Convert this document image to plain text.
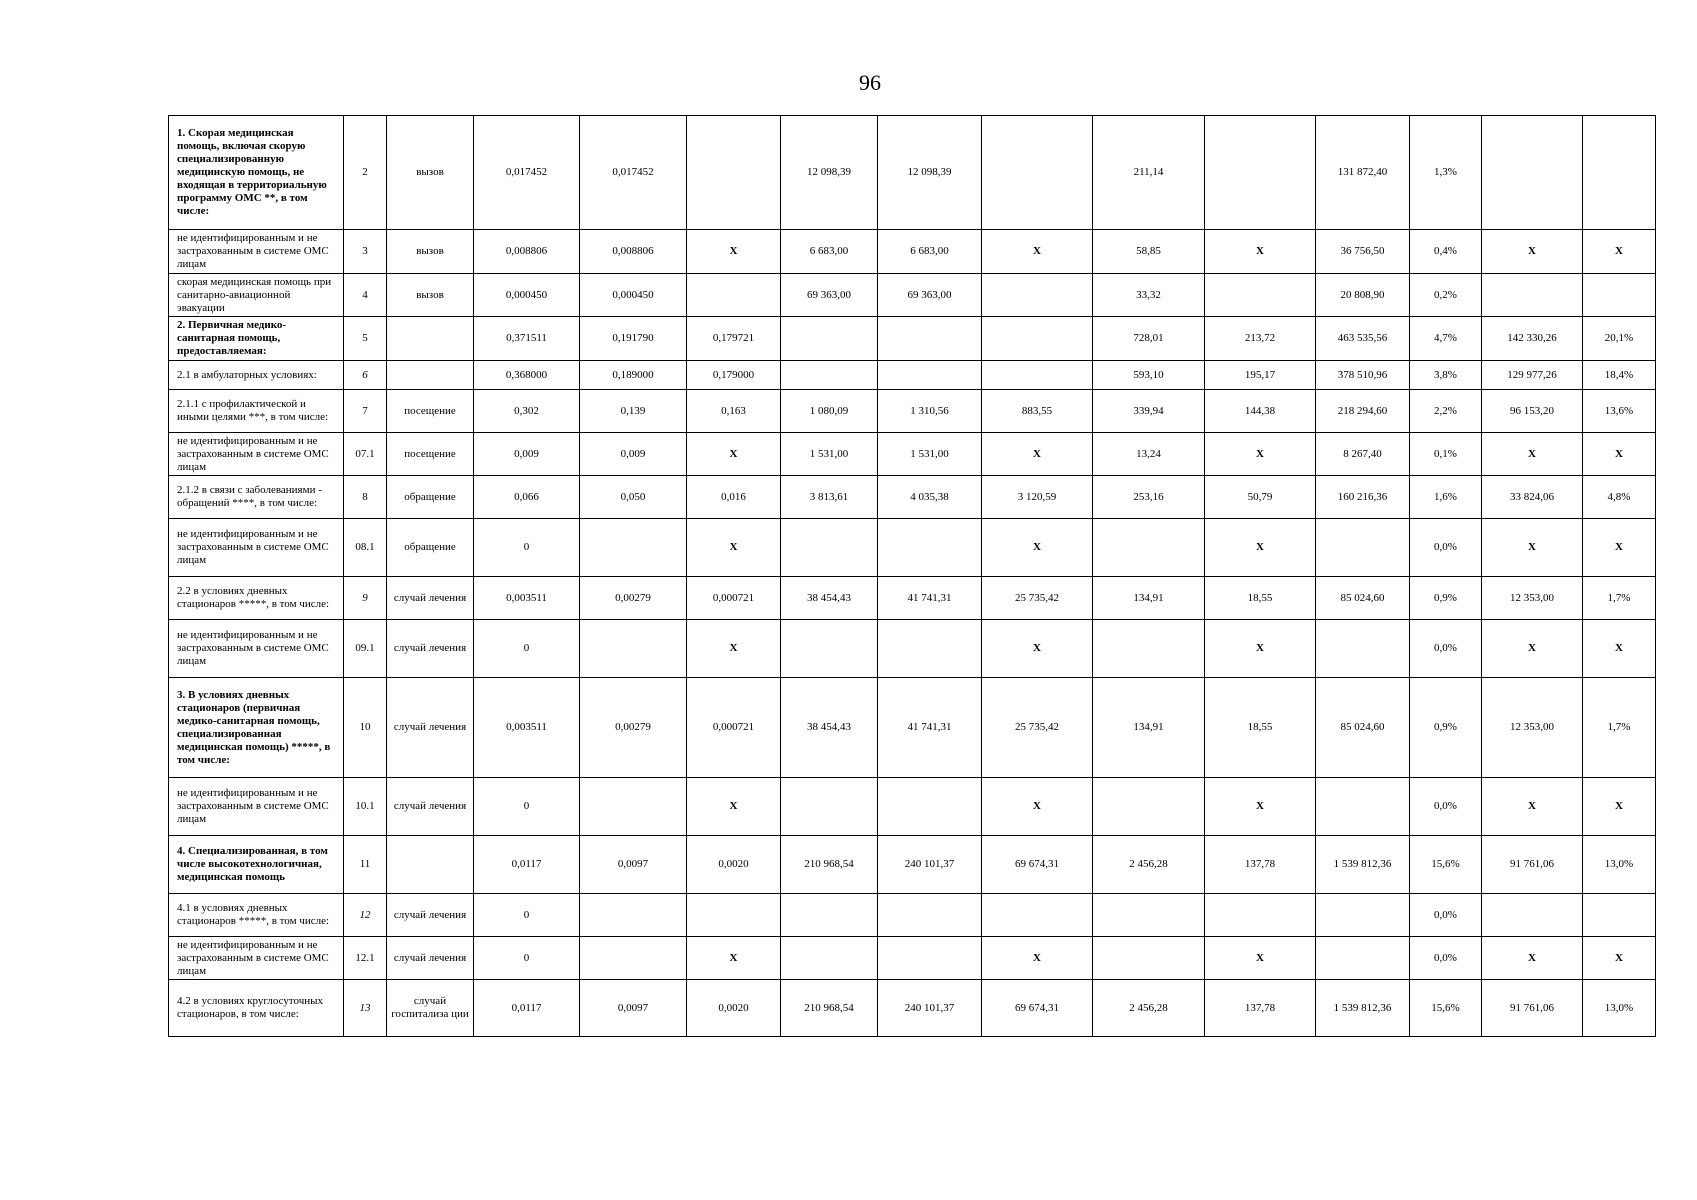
96
1. Скорая медицинская помощь, включая скорую специализированную медицинскую помощь, не входящая в территориальную программу ОМС **, в том числе:	2	вызов	0,017452	0,017452		12 098,39	12 098,39		211,14		131 872,40	1,3%		
не идентифицированным и не застрахованным в системе ОМС лицам	3	вызов	0,008806	0,008806	X	6 683,00	6 683,00	X	58,85	X	36 756,50	0,4%	X	X
скорая медицинская помощь при санитарно-авиационной эвакуации	4	вызов	0,000450	0,000450		69 363,00	69 363,00		33,32		20 808,90	0,2%		
2. Первичная медико-санитарная помощь, предоставляемая:	5		0,371511	0,191790	0,179721				728,01	213,72	463 535,56	4,7%	142 330,26	20,1%
2.1 в амбулаторных условиях:	6		0,368000	0,189000	0,179000				593,10	195,17	378 510,96	3,8%	129 977,26	18,4%
2.1.1 с профилактической и иными целями ***, в том числе:	7	посещение	0,302	0,139	0,163	1 080,09	1 310,56	883,55	339,94	144,38	218 294,60	2,2%	96 153,20	13,6%
не идентифицированным и не застрахованным в системе ОМС лицам	07.1	посещение	0,009	0,009	X	1 531,00	1 531,00	X	13,24	X	8 267,40	0,1%	X	X
2.1.2 в связи с заболеваниями - обращений ****, в том числе:	8	обращение	0,066	0,050	0,016	3 813,61	4 035,38	3 120,59	253,16	50,79	160 216,36	1,6%	33 824,06	4,8%
не идентифицированным и не застрахованным в системе ОМС лицам	08.1	обращение	0		X			X		X		0,0%	X	X
2.2 в условиях дневных стационаров *****, в том числе:	9	случай лечения	0,003511	0,00279	0,000721	38 454,43	41 741,31	25 735,42	134,91	18,55	85 024,60	0,9%	12 353,00	1,7%
не идентифицированным и не застрахованным в системе ОМС лицам	09.1	случай лечения	0		X			X		X		0,0%	X	X
3. В условиях дневных стационаров (первичная медико-санитарная помощь, специализированная медицинская помощь) *****, в том числе:	10	случай лечения	0,003511	0,00279	0,000721	38 454,43	41 741,31	25 735,42	134,91	18,55	85 024,60	0,9%	12 353,00	1,7%
не идентифицированным и не застрахованным в системе ОМС лицам	10.1	случай лечения	0		X			X		X		0,0%	X	X
4. Специализированная, в том числе высокотехнологичная, медицинская помощь	11		0,0117	0,0097	0,0020	210 968,54	240 101,37	69 674,31	2 456,28	137,78	1 539 812,36	15,6%	91 761,06	13,0%
4.1 в условиях дневных стационаров *****, в том числе:	12	случай лечения	0									0,0%		
не идентифицированным и не застрахованным в системе ОМС лицам	12.1	случай лечения	0		X			X		X		0,0%	X	X
4.2 в условиях круглосуточных стационаров, в том числе:	13	случай госпитализа ции	0,0117	0,0097	0,0020	210 968,54	240 101,37	69 674,31	2 456,28	137,78	1 539 812,36	15,6%	91 761,06	13,0%
